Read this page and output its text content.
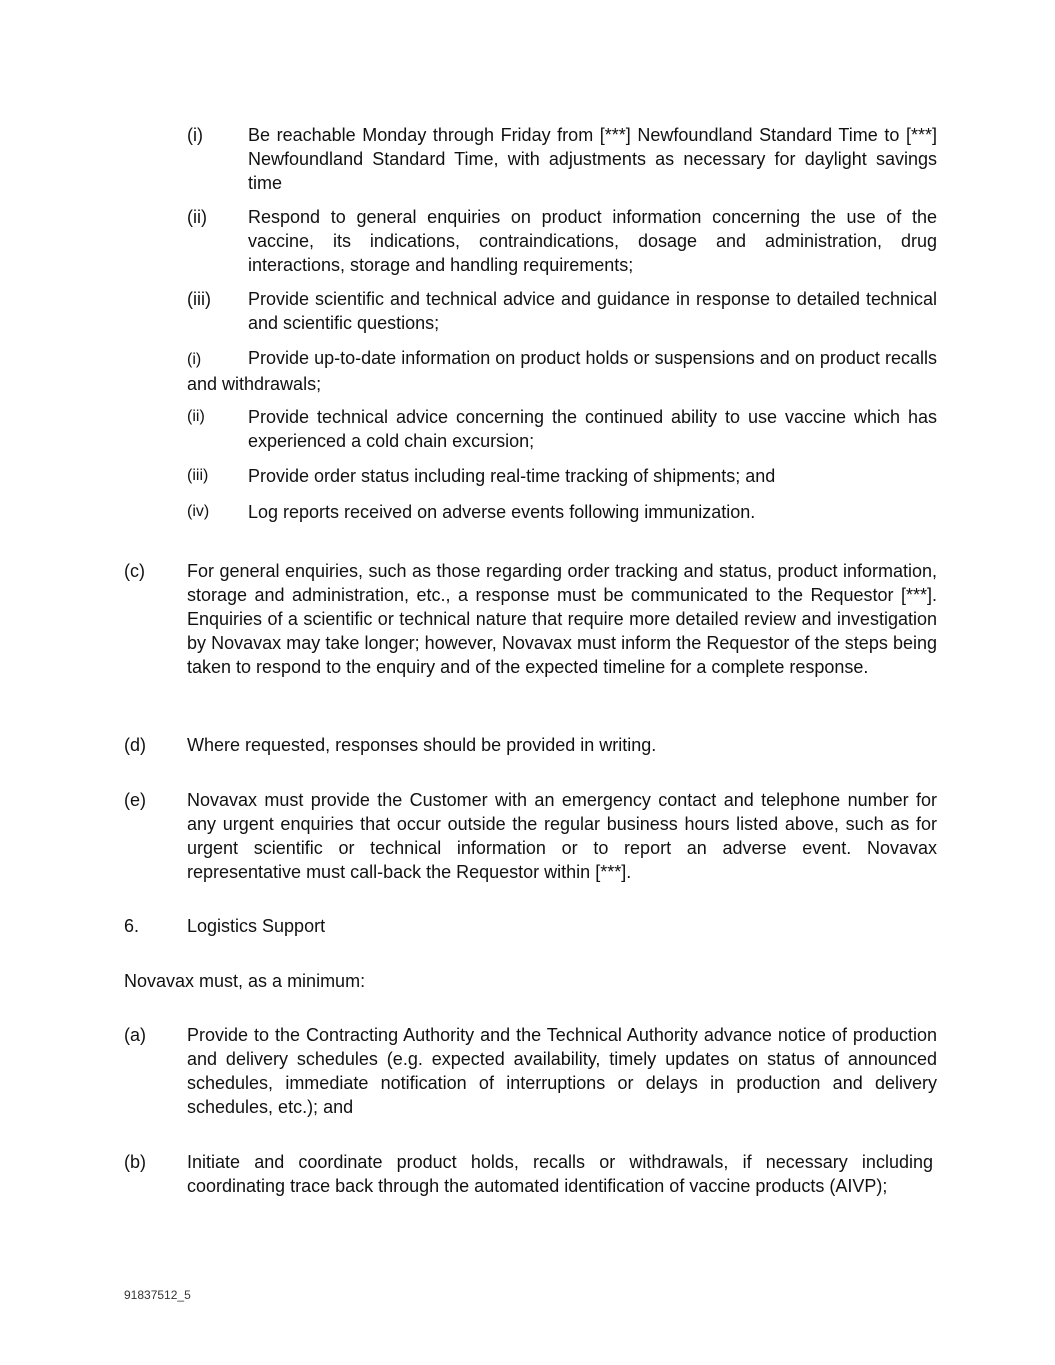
(i)	Be reachable Monday through Friday from [***] Newfoundland Standard Time to [***] Newfoundland Standard Time, with adjustments as necessary for daylight savings time
(ii) Respond to general enquiries on product information concerning the use of the vaccine, its indications, contraindications, dosage and administration, drug interactions, storage and handling requirements;
(iii) Provide scientific and technical advice and guidance in response to detailed technical and scientific questions;
(i)	Provide up-to-date information on product holds or suspensions and on product recalls and withdrawals;
(ii) Provide technical advice concerning the continued ability to use vaccine which has experienced a cold chain excursion;
(iii) Provide order status including real-time tracking of shipments; and
(iv) Log reports received on adverse events following immunization.
(c) For general enquiries, such as those regarding order tracking and status, product information, storage and administration, etc., a response must be communicated to the Requestor [***]. Enquiries of a scientific or technical nature that require more detailed review and investigation by Novavax may take longer; however, Novavax must inform the Requestor of the steps being taken to respond to the enquiry and of the expected timeline for a complete response.
(d) Where requested, responses should be provided in writing.
(e) Novavax must provide the Customer with an emergency contact and telephone number for any urgent enquiries that occur outside the regular business hours listed above, such as for urgent scientific or technical information or to report an adverse event. Novavax representative must call-back the Requestor within [***].
6.	Logistics Support
Novavax must, as a minimum:
(a) Provide to the Contracting Authority and the Technical Authority advance notice of production and delivery schedules (e.g. expected availability, timely updates on status of announced schedules, immediate notification of interruptions or delays in production and delivery schedules, etc.); and
(b) Initiate and coordinate product holds, recalls or withdrawals, if necessary including coordinating trace back through the automated identification of vaccine products (AIVP);
91837512_5
